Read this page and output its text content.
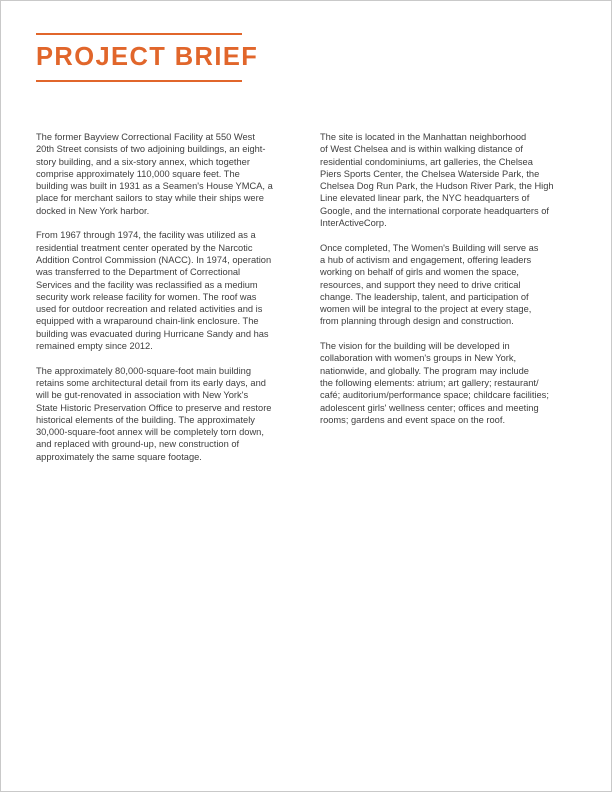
PROJECT BRIEF

The former Bayview Correctional Facility at 550 West
20th Street consists of two adjoining buildings, an eight-
story building, and a six-story annex, which together
comprise approximately 110,000 square feet. The
building was built in 1931 as a Seamen's House YMCA, a
place for merchant sailors to stay while their ships were
docked in New York harbor.

From 1967 through 1974, the facility was utilized as a
residential treatment center operated by the Narcotic
Addition Control Commission (NACC). In 1974, operation
was transferred to the Department of Correctional
Services and the facility was reclassified as a medium
security work release facility for women. The roof was
used for outdoor recreation and related activities and is
equipped with a wraparound chain-link enclosure. The
building was evacuated during Hurricane Sandy and has
remained empty since 2012.

The approximately 80,000-square-foot main building
retains some architectural detail from its early days, and
will be gut-renovated in association with New York's
State Historic Preservation Office to preserve and restore
historical elements of the building. The approximately
30,000-square-foot annex will be completely torn down,
and replaced with ground-up, new construction of
approximately the same square footage.

The site is located in the Manhattan neighborhood
of West Chelsea and is within walking distance of
residential condominiums, art galleries, the Chelsea
Piers Sports Center, the Chelsea Waterside Park, the
Chelsea Dog Run Park, the Hudson River Park, the High
Line elevated linear park, the NYC headquarters of
Google, and the international corporate headquarters of
InterActiveCorp.

Once completed, The Women's Building will serve as
a hub of activism and engagement, offering leaders
working on behalf of girls and women the space,
resources, and support they need to drive critical
change. The leadership, talent, and participation of
women will be integral to the project at every stage,
from planning through design and construction.

The vision for the building will be developed in
collaboration with women's groups in New York,
nationwide, and globally. The program may include
the following elements: atrium; art gallery; restaurant/
café; auditorium/performance space; childcare facilities;
adolescent girls' wellness center; offices and meeting
rooms; gardens and event space on the roof.
